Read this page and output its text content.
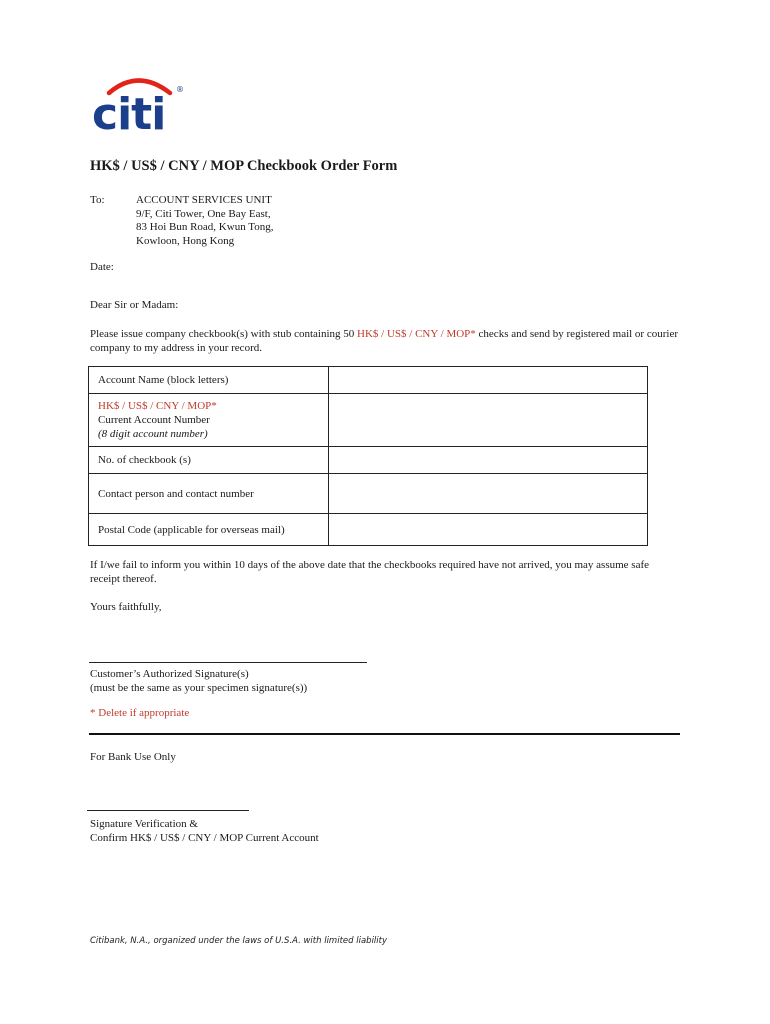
citi ®
HK$ / US$ / CNY / MOP Checkbook Order Form
To:	ACCOUNT SERVICES UNIT
9/F, Citi Tower, One Bay East,
83 Hoi Bun Road, Kwun Tong,
Kowloon, Hong Kong
Date:
Dear Sir or Madam:
Please issue company checkbook(s) with stub containing 50 HK$ / US$ / CNY / MOP* checks and send by registered mail or courier company to my address in your record.
Account Name (block letters)	

HK$ / US$ / CNY / MOP*
Current Account Number
(8 digit account number)	

No. of checkbook (s)	
Contact person and contact number	
Postal Code (applicable for overseas mail)	
If I/we fail to inform you within 10 days of the above date that the checkbooks required have not arrived, you may assume safe receipt thereof.
Yours faithfully,
Customer’s Authorized Signature(s)
(must be the same as your specimen signature(s))
* Delete if appropriate
For Bank Use Only
Signature Verification &
Confirm HK$ / US$ / CNY / MOP Current Account
Citibank, N.A., organized under the laws of U.S.A. with limited liability
